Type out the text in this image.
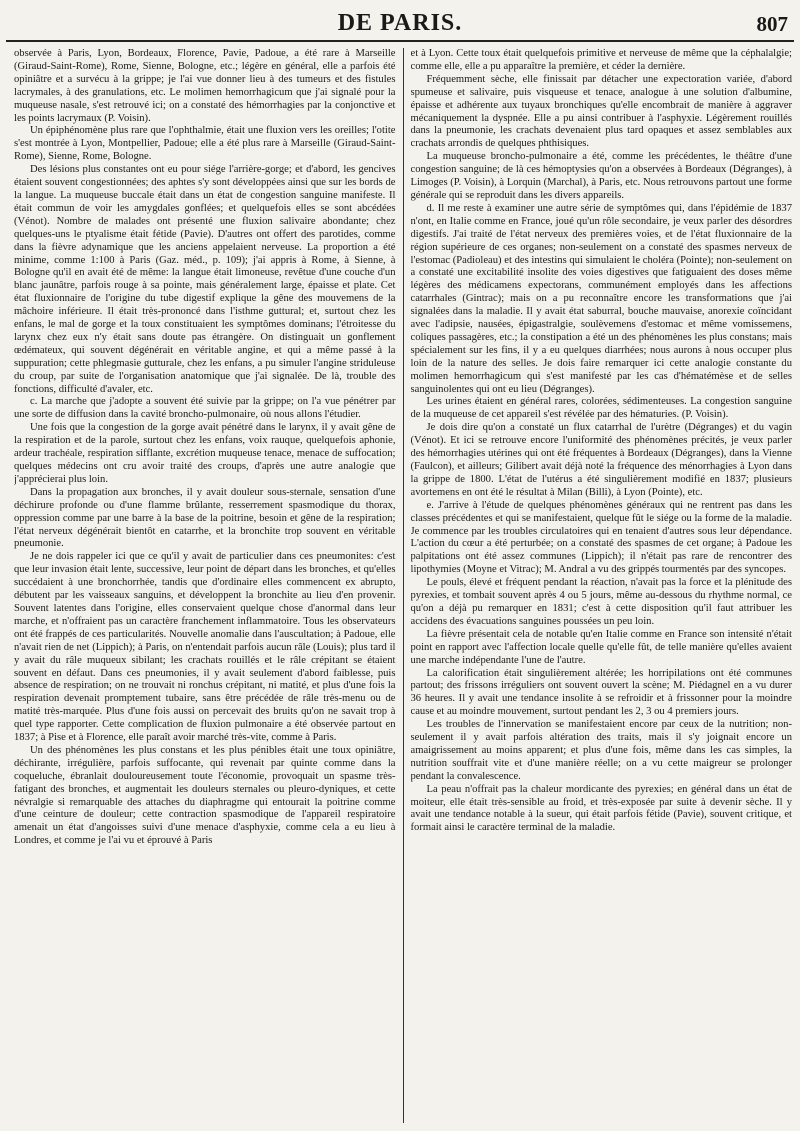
DE PARIS.	807

observée à Paris, Lyon, Bordeaux, Florence, Pavie, Padoue, a été rare à Marseille (Giraud-Saint-Rome), Rome, Sienne, Bologne, etc.; légère en général, elle a parfois été opiniâtre et a survécu à la grippe; je l'ai vue donner lieu à des tumeurs et des fistules lacrymales, à des granulations, etc. Le molimen hemorrhagicum que j'ai signalé pour la muqueuse nasale, s'est retrouvé ici; on a constaté des hémorrhagies par la conjonctive et les points lacrymaux (P. Voisin).

Un épiphénomène plus rare que l'ophthalmie, était une fluxion vers les oreilles; l'otite s'est montrée à Lyon, Montpellier, Padoue; elle a été plus rare à Marseille (Giraud-Saint-Rome), Sienne, Rome, Bologne.

Des lésions plus constantes ont eu pour siége l'arrière-gorge; et d'abord, les gencives étaient souvent congestionnées; des aphtes s'y sont développées ainsi que sur les bords de la langue. La muqueuse buccale était dans un état de congestion sanguine manifeste. Il était commun de voir les amygdales gonflées; et quelquefois elles se sont abcédées (Vénot). Nombre de malades ont présenté une fluxion salivaire abondante; chez quelques-uns le ptyalisme était fétide (Pavie). D'autres ont offert des parotides, comme dans la fièvre adynamique que les anciens appelaient nerveuse. La proportion a été minime, comme 1:100 à Paris (Gaz. méd., p. 109); j'ai appris à Rome, à Sienne, à Bologne qu'il en avait été de même: la langue était limoneuse, revêtue d'une couche d'un blanc jaunâtre, parfois rouge à sa pointe, mais généralement large, épaisse et plate. Cet état fluxionnaire de l'origine du tube digestif explique la gêne des mouvemens de la mâchoire inférieure. Il était très-prononcé dans l'isthme guttural; et, surtout chez les enfans, le mal de gorge et la toux constituaient les symptômes dominans; l'étroitesse du larynx chez eux n'y était sans doute pas étrangère. On distinguait un gonflement œdémateux, qui souvent dégénérait en véritable angine, et qui a même passé à la suppuration; cette phlegmasie gutturale, chez les enfans, a pu simuler l'angine striduleuse du croup, par suite de l'organisation anatomique que j'ai signalée. De là, trouble des fonctions, difficulté d'avaler, etc.

c. La marche que j'adopte a souvent été suivie par la grippe; on l'a vue pénétrer par une sorte de diffusion dans la cavité broncho-pulmonaire, où nous allons l'étudier.

Une fois que la congestion de la gorge avait pénétré dans le larynx, il y avait gêne de la respiration et de la parole, surtout chez les enfans, voix rauque, quelquefois aphonie, ardeur trachéale, respiration sifflante, excrétion muqueuse tenace, menace de suffocation; quelques médecins ont cru avoir traité des croups, d'après une autre analogie que j'apprécierai plus loin.

Dans la propagation aux bronches, il y avait douleur sous-sternale, sensation d'une déchirure profonde ou d'une flamme brûlante, resserrement spasmodique du thorax, oppression comme par une barre à la base de la poitrine, besoin et gêne de la respiration; l'état nerveux dégénérait bientôt en catarrhe, et la bronchite trop souvent en véritable pneumonie.

Je ne dois rappeler ici que ce qu'il y avait de particulier dans ces pneumonites: c'est que leur invasion était lente, successive, leur point de départ dans les bronches, et qu'elles succédaient à une bronchorrhée, tandis que d'ordinaire elles commencent ex abrupto, débutent par les vaisseaux sanguins, et développent la bronchite au lieu d'en provenir. Souvent latentes dans l'origine, elles conservaient quelque chose d'anormal dans leur marche, et n'offraient pas un caractère franchement inflammatoire. Tous les observateurs ont été frappés de ces particularités. Nouvelle anomalie dans l'auscultation; à Padoue, elle n'avait rien de net (Lippich); à Paris, on n'entendait parfois aucun râle (Louis); plus tard il y avait du râle muqueux sibilant; les crachats rouillés et le râle crépitant se étaient souvent en défaut. Dans ces pneumonies, il y avait seulement d'abord faiblesse, puis absence de respiration; on ne trouvait ni ronchus crépitant, ni matité, et plus d'une fois la respiration devenait promptement tubaire, sans être précédée de râle très-menu ou de matité très-marquée. Plus d'une fois aussi on percevait des bruits qu'on ne savait trop à quel type rapporter. Cette complication de fluxion pulmonaire a été observée partout en 1837; à Pise et à Florence, elle paraît avoir marché très-vite, comme à Paris.

Un des phénomènes les plus constans et les plus pénibles était une toux opiniâtre, déchirante, irrégulière, parfois suffocante, qui revenait par quinte comme dans la coqueluche, ébranlait douloureusement toute l'économie, provoquait un spasme très-fatigant des bronches, et augmentait les douleurs sternales ou pleuro-dyniques, et cette névralgie si remarquable des attaches du diaphragme qui entourait la poitrine comme d'une ceinture de douleur; cette contraction spasmodique de l'appareil respiratoire amenait un état d'angoisses suivi d'une menace d'asphyxie, comme cela a eu lieu à Londres, et comme je l'ai vu et éprouvé à Paris

et à Lyon. Cette toux était quelquefois primitive et nerveuse de même que la céphalalgie; comme elle, elle a pu apparaître la première, et céder la dernière.

Fréquemment sèche, elle finissait par détacher une expectoration variée, d'abord spumeuse et salivaire, puis visqueuse et tenace, analogue à une solution d'albumine, épaisse et adhérente aux tuyaux bronchiques qu'elle encombrait de manière à aggraver mécaniquement la dyspnée. Elle a pu ainsi contribuer à l'asphyxie. Légèrement rouillés dans la pneumonie, les crachats devenaient plus tard opaques et assez semblables aux crachats arrondis de quelques phthisiques.

La muqueuse broncho-pulmonaire a été, comme les précédentes, le théâtre d'une congestion sanguine; de là ces hémoptysies qu'on a observées à Bordeaux (Dégranges), à Limoges (P. Voisin), à Lorquin (Marchal), à Paris, etc. Nous retrouvons partout une forme générale qui se reproduit dans les divers appareils.

d. Il me reste à examiner une autre série de symptômes qui, dans l'épidémie de 1837 n'ont, en Italie comme en France, joué qu'un rôle secondaire, je veux parler des désordres digestifs. J'ai traité de l'état nerveux des premières voies, et de l'état fluxionnaire de la région supérieure de ces organes; non-seulement on a constaté des spasmes nerveux de l'estomac (Padioleau) et des intestins qui simulaient le choléra (Pointe); non-seulement on a constaté une excitabilité insolite des voies digestives que fatiguaient des doses même légères des médicamens expectorans, communément employés dans les affections catarrhales (Gintrac); mais on a pu reconnaître encore les transformations que j'ai signalées dans la maladie. Il y avait état saburral, bouche mauvaise, anorexie coïncidant avec l'adipsie, nausées, épigastralgie, soulèvemens d'estomac et même vomissemens, coliques passagères, etc.; la constipation a été un des phénomènes les plus constans; mais spécialement sur les fins, il y a eu quelques diarrhées; nous aurons à nous occuper plus loin de la nature des selles. Je dois faire remarquer ici cette analogie constante du molimen hemorrhagicum qui s'est manifesté par les cas d'hématémèse et de selles sanguinolentes qui ont eu lieu (Dégranges).

Les urines étaient en général rares, colorées, sédimenteuses. La congestion sanguine de la muqueuse de cet appareil s'est révélée par des hématuries. (P. Voisin).

Je dois dire qu'on a constaté un flux catarrhal de l'urètre (Dégranges) et du vagin (Vénot). Et ici se retrouve encore l'uniformité des phénomènes précités, je veux parler des hémorrhagies utérines qui ont été fréquentes à Bordeaux (Dégranges), dans la Vienne (Faulcon), et ailleurs; Gilibert avait déjà noté la fréquence des ménorrhagies à Lyon dans la grippe de 1800. L'état de l'utérus a été singulièrement modifié en 1837; plusieurs avortemens en ont été le résultat à Milan (Billi), à Lyon (Pointe), etc.

e. J'arrive à l'étude de quelques phénomènes généraux qui ne rentrent pas dans les classes précédentes et qui se manifestaient, quelque fût le siége ou la forme de la maladie. Je commence par les troubles circulatoires qui en tenaient d'autres sous leur dépendance. L'action du cœur a été perturbée; on a constaté des spasmes de cet organe; à Padoue les palpitations ont été assez communes (Lippich); il n'était pas rare de rencontrer des lipothymies (Moyne et Vitrac); M. Andral a vu des grippés tourmentés par des syncopes.

Le pouls, élevé et fréquent pendant la réaction, n'avait pas la force et la plénitude des pyrexies, et tombait souvent après 4 ou 5 jours, même au-dessous du rhythme normal, ce qu'on a déjà pu remarquer en 1831; c'est à cette disposition qu'il faut attribuer les accidens des évacuations sanguines poussées un peu loin.

La fièvre présentait cela de notable qu'en Italie comme en France son intensité n'était point en rapport avec l'affection locale quelle qu'elle fût, de telle manière qu'elles avaient une marche indépendante l'une de l'autre.

La calorification était singulièrement altérée; les horripilations ont été communes partout; des frissons irréguliers ont souvent ouvert la scène; M. Piédagnel en a vu durer 36 heures. Il y avait une tendance insolite à se refroidir et à frissonner pour la moindre cause et au moindre mouvement, surtout pendant les 2, 3 ou 4 premiers jours.

Les troubles de l'innervation se manifestaient encore par ceux de la nutrition; non-seulement il y avait parfois altération des traits, mais il s'y joignait encore un amaigrissement au moins apparent; et plus d'une fois, même dans les cas simples, la nutrition souffrait vite et d'une manière réelle; on a vu cette maigreur se prolonger pendant la convalescence.

La peau n'offrait pas la chaleur mordicante des pyrexies; en général dans un état de moiteur, elle était très-sensible au froid, et très-exposée par suite à devenir sèche. Il y avait une tendance notable à la sueur, qui était parfois fétide (Pavie), souvent critique, et formait ainsi le caractère terminal de la maladie.
